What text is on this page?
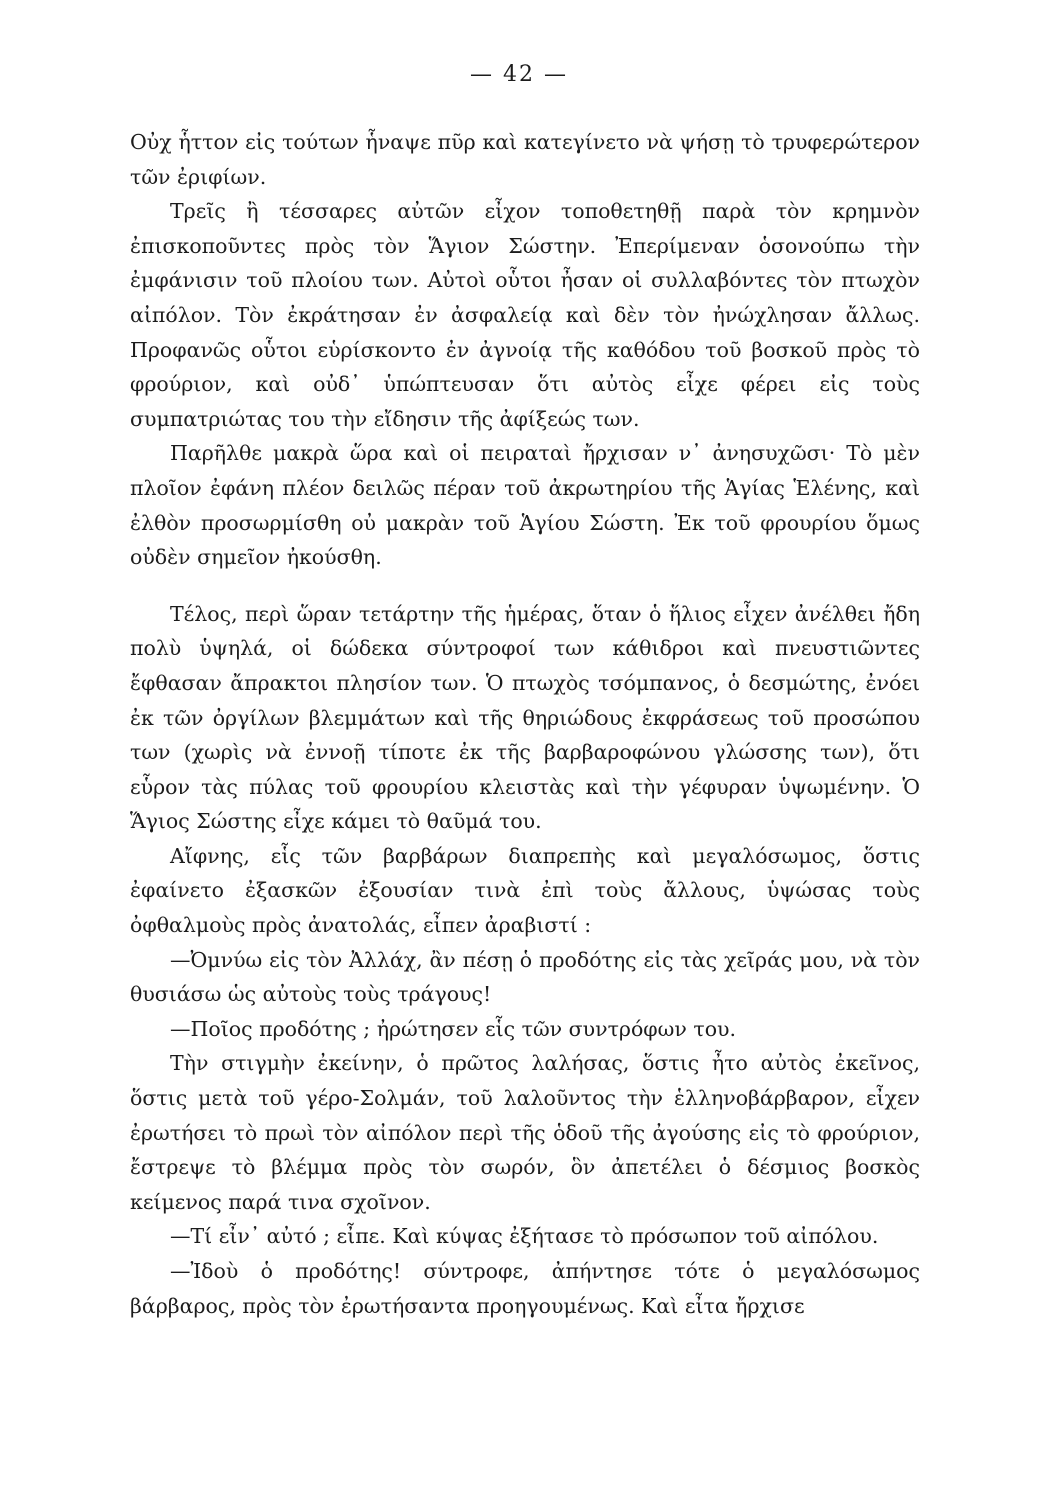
— 42 —

Οὐχ ἧττον εἰς τούτων ἧναψε πῦρ καὶ κατεγίνετο νὰ ψήσῃ τὸ τρυφερώτερον τῶν ἐριφίων.

Τρεῖς ἢ τέσσαρες αὐτῶν εἶχον τοποθετηθῇ παρὰ τὸν κρημνὸν ἐπισκοποῦντες πρὸς τὸν Ἅγιον Σώστην. Ἐπερίμεναν ὁσονούπω τὴν ἐμφάνισιν τοῦ πλοίου των. Αὐτοὶ οὗτοι ἦσαν οἱ συλλαβόντες τὸν πτωχὸν αἰπόλον. Τὸν ἐκράτησαν ἐν ἀσφαλείᾳ καὶ δὲν τὸν ἠνώχλησαν ἄλλως. Προφανῶς οὗτοι εὑρίσκοντο ἐν ἀγνοίᾳ τῆς καθόδου τοῦ βοσκοῦ πρὸς τὸ φρούριον, καὶ οὐδ᾽ ὑπώπτευσαν ὅτι αὐτὸς εἶχε φέρει εἰς τοὺς συμπατριώτας του τὴν εἴδησιν τῆς ἀφίξεώς των.

Παρῆλθε μακρὰ ὥρα καὶ οἱ πειραταὶ ἤρχισαν ν᾽ ἀνησυχῶσι· Τὸ μὲν πλοῖον ἐφάνη πλέον δειλῶς πέραν τοῦ ἀκρωτηρίου τῆς Ἁγίας Ἑλένης, καὶ ἐλθὸν προσωρμίσθη οὐ μακρὰν τοῦ Ἁγίου Σώστη. Ἐκ τοῦ φρουρίου ὅμως οὐδὲν σημεῖον ἠκούσθη.

Τέλος, περὶ ὥραν τετάρτην τῆς ἡμέρας, ὅταν ὁ ἥλιος εἶχεν ἀνέλθει ἤδη πολὺ ὑψηλά, οἱ δώδεκα σύντροφοί των κάθιδροι καὶ πνευστιῶντες ἔφθασαν ἄπρακτοι πλησίον των. Ὁ πτωχὸς τσόμπανος, ὁ δεσμώτης, ἐνόει ἐκ τῶν ὀργίλων βλεμμάτων καὶ τῆς θηριώδους ἐκφράσεως τοῦ προσώπου των (χωρὶς νὰ ἐννοῇ τίποτε ἐκ τῆς βαρβαροφώνου γλώσσης των), ὅτι εὗρον τὰς πύλας τοῦ φρουρίου κλειστὰς καὶ τὴν γέφυραν ὑψωμένην. Ὁ Ἅγιος Σώστης εἶχε κάμει τὸ θαῦμά του.

Αἴφνης, εἷς τῶν βαρβάρων διαπρεπὴς καὶ μεγαλόσωμος, ὅστις ἐφαίνετο ἐξασκῶν ἐξουσίαν τινὰ ἐπὶ τοὺς ἄλλους, ὑψώσας τοὺς ὀφθαλμοὺς πρὸς ἀνατολάς, εἶπεν ἀραβιστί :

—Ὀμνύω εἰς τὸν Ἀλλάχ, ἂν πέσῃ ὁ προδότης εἰς τὰς χεῖράς μου, νὰ τὸν θυσιάσω ὡς αὐτοὺς τοὺς τράγους!

—Ποῖος προδότης ; ἠρώτησεν εἷς τῶν συντρόφων του.

Τὴν στιγμὴν ἐκείνην, ὁ πρῶτος λαλήσας, ὅστις ἦτο αὐτὸς ἐκεῖνος, ὅστις μετὰ τοῦ γέρο-Σολμάν, τοῦ λαλοῦντος τὴν ἑλληνοβάρβαρον, εἶχεν ἐρωτήσει τὸ πρωὶ τὸν αἰπόλον περὶ τῆς ὁδοῦ τῆς ἀγούσης εἰς τὸ φρούριον, ἔστρεψε τὸ βλέμμα πρὸς τὸν σωρόν, ὃν ἀπετέλει ὁ δέσμιος βοσκὸς κείμενος παρά τινα σχοῖνον.

—Τί εἶν᾽ αὐτό ; εἶπε. Καὶ κύψας ἐξήτασε τὸ πρόσωπον τοῦ αἰπόλου.

—Ἰδοὺ ὁ προδότης! σύντροφε, ἀπήντησε τότε ὁ μεγαλόσωμος βάρβαρος, πρὸς τὸν ἐρωτήσαντα προηγουμένως. Καὶ εἶτα ἤρχισε
